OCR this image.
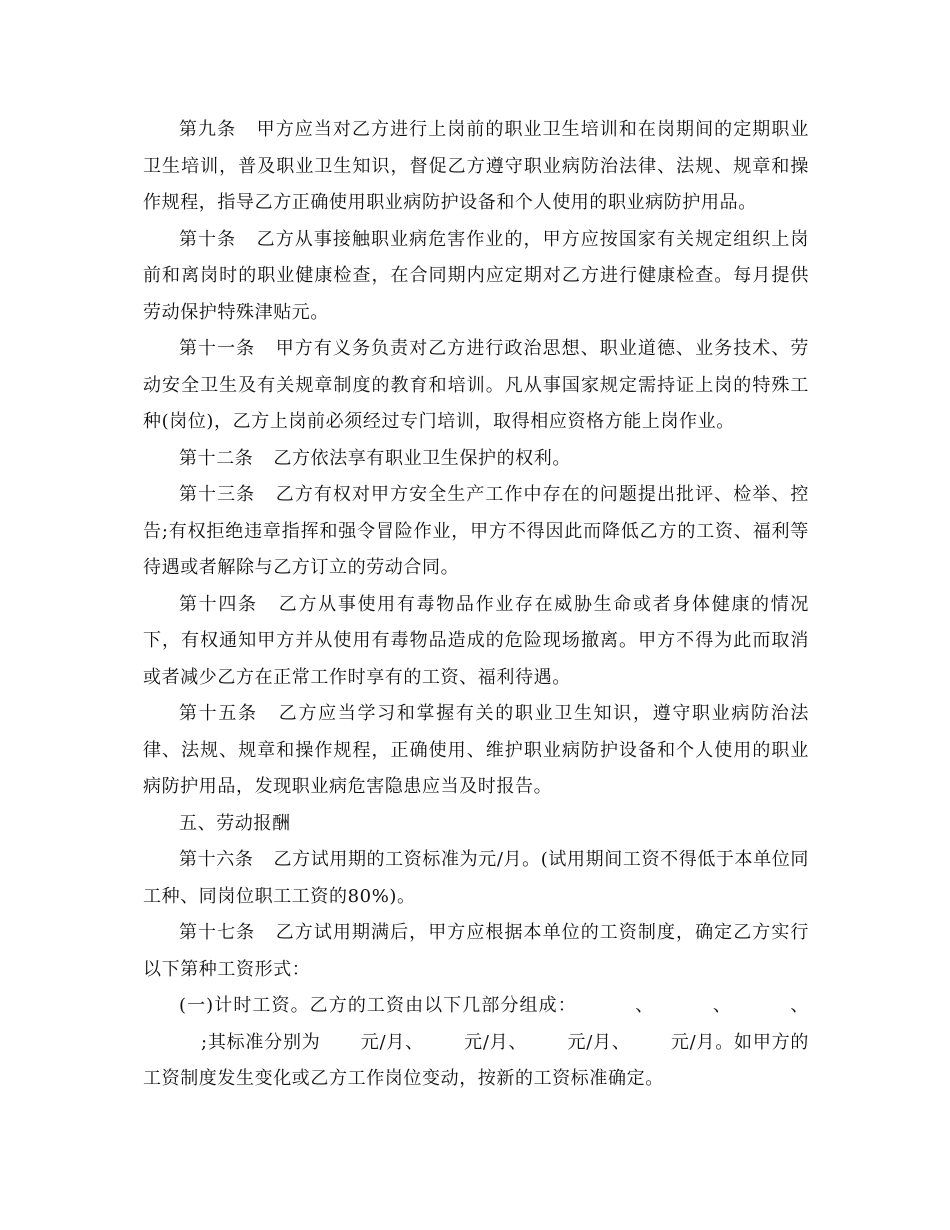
第九条 甲方应当对乙方进行上岗前的职业卫生培训和在岗期间的定期职业卫生培训，普及职业卫生知识，督促乙方遵守职业病防治法律、法规、规章和操作规程，指导乙方正确使用职业病防护设备和个人使用的职业病防护用品。

第十条 乙方从事接触职业病危害作业的，甲方应按国家有关规定组织上岗前和离岗时的职业健康检查，在合同期内应定期对乙方进行健康检查。每月提供劳动保护特殊津贴元。

第十一条 甲方有义务负责对乙方进行政治思想、职业道德、业务技术、劳动安全卫生及有关规章制度的教育和培训。凡从事国家规定需持证上岗的特殊工种(岗位)，乙方上岗前必须经过专门培训，取得相应资格方能上岗作业。

第十二条 乙方依法享有职业卫生保护的权利。

第十三条 乙方有权对甲方安全生产工作中存在的问题提出批评、检举、控告;有权拒绝违章指挥和强令冒险作业，甲方不得因此而降低乙方的工资、福利等待遇或者解除与乙方订立的劳动合同。

第十四条 乙方从事使用有毒物品作业存在威胁生命或者身体健康的情况下，有权通知甲方并从使用有毒物品造成的危险现场撤离。甲方不得为此而取消或者减少乙方在正常工作时享有的工资、福利待遇。

第十五条 乙方应当学习和掌握有关的职业卫生知识，遵守职业病防治法律、法规、规章和操作规程，正确使用、维护职业病防护设备和个人使用的职业病防护用品，发现职业病危害隐患应当及时报告。

五、劳动报酬

第十六条 乙方试用期的工资标准为元/月。(试用期间工资不得低于本单位同工种、同岗位职工工资的80%)。

第十七条 乙方试用期满后，甲方应根据本单位的工资制度，确定乙方实行以下第种工资形式：

(一)计时工资。乙方的工资由以下几部分组成：	、	、	、;其标准分别为 元/月、 元/月、 元/月、 元/月。如甲方的工资制度发生变化或乙方工作岗位变动，按新的工资标准确定。
